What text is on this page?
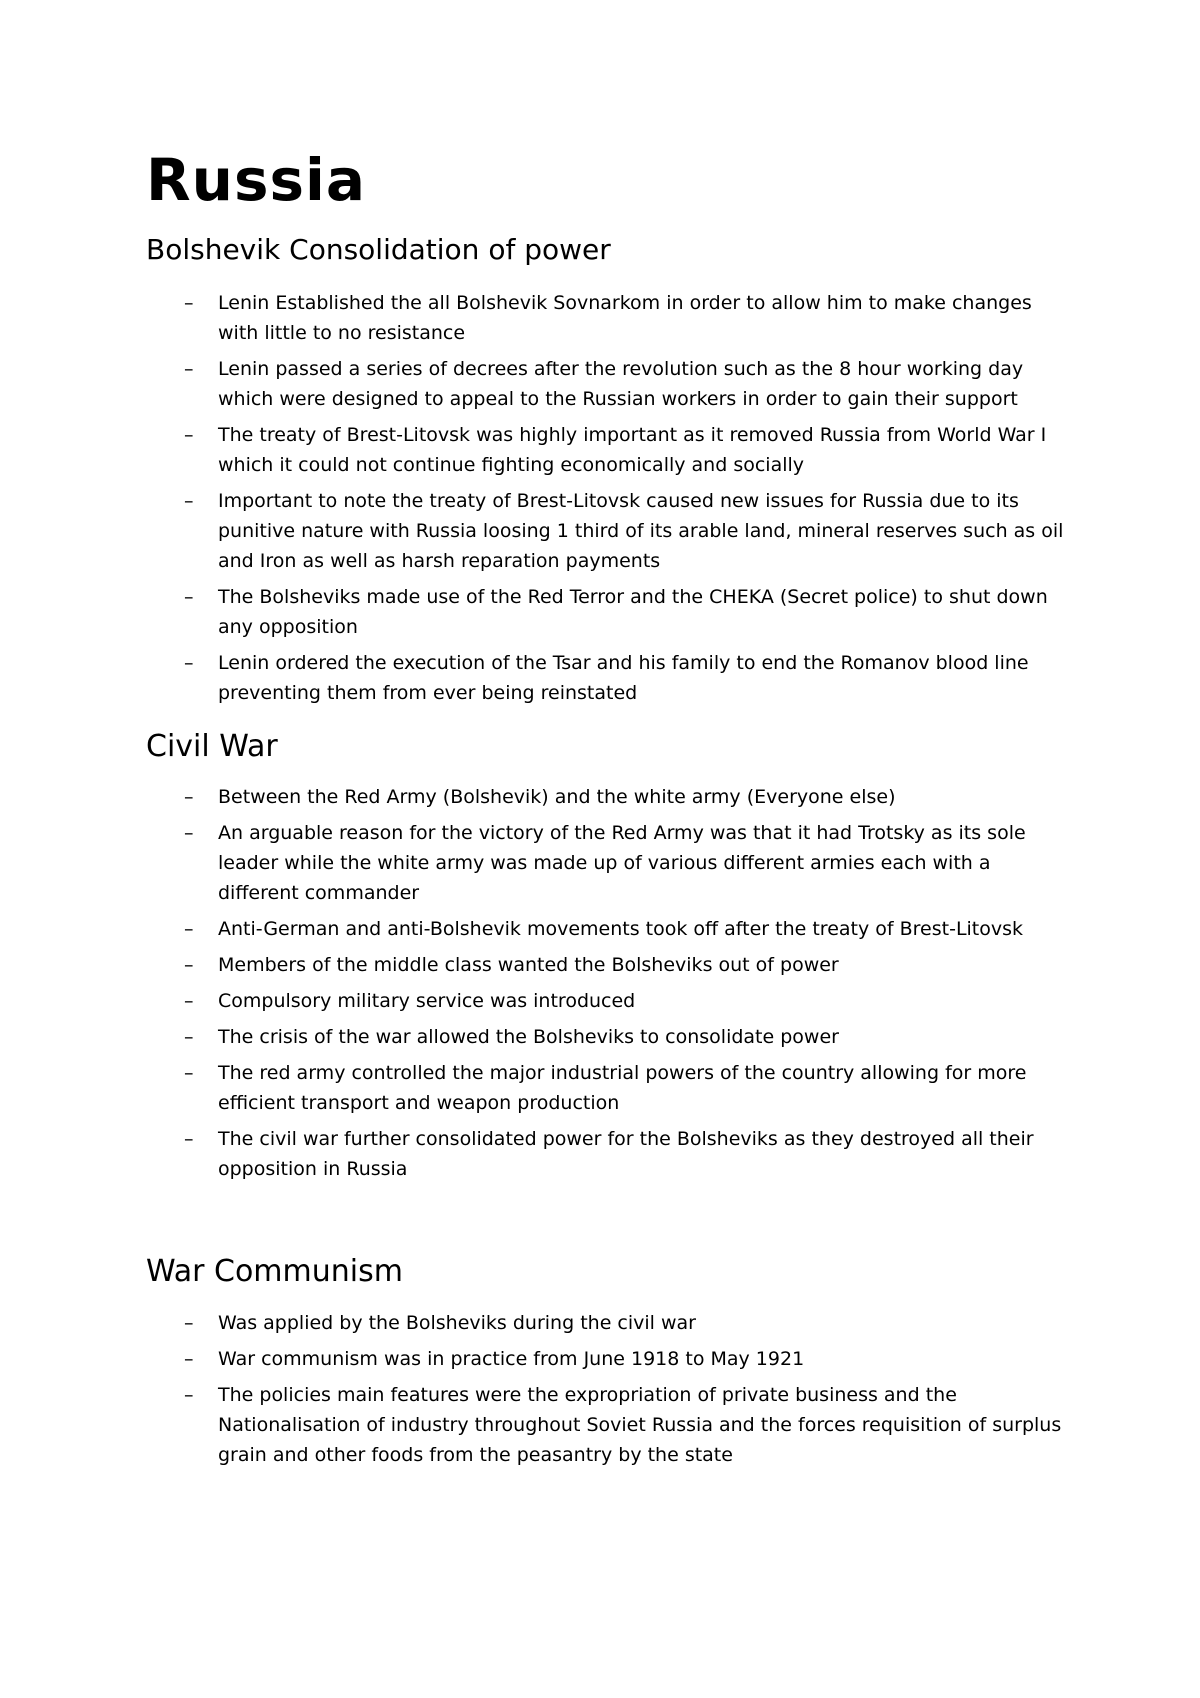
Russia
Bolshevik Consolidation of power
– Lenin Established the all Bolshevik Sovnarkom in order to allow him to make changes with little to no resistance
– Lenin passed a series of decrees after the revolution such as the 8 hour working day which were designed to appeal to the Russian workers in order to gain their support
– The treaty of Brest-Litovsk was highly important as it removed Russia from World War I which it could not continue fighting economically and socially
– Important to note the treaty of Brest-Litovsk caused new issues for Russia due to its punitive nature with Russia loosing 1 third of its arable land, mineral reserves such as oil and Iron as well as harsh reparation payments
– The Bolsheviks made use of the Red Terror and the CHEKA (Secret police) to shut down any opposition
– Lenin ordered the execution of the Tsar and his family to end the Romanov blood line preventing them from ever being reinstated
Civil War
– Between the Red Army (Bolshevik) and the white army (Everyone else)
– An arguable reason for the victory of the Red Army was that it had Trotsky as its sole leader while the white army was made up of various different armies each with a different commander
– Anti-German and anti-Bolshevik movements took off after the treaty of Brest-Litovsk
– Members of the middle class wanted the Bolsheviks out of power
– Compulsory military service was introduced
– The crisis of the war allowed the Bolsheviks to consolidate power
– The red army controlled the major industrial powers of the country allowing for more efficient transport and weapon production
– The civil war further consolidated power for the Bolsheviks as they destroyed all their opposition in Russia
War Communism
– Was applied by the Bolsheviks during the civil war
– War communism was in practice from June 1918 to May 1921
– The policies main features were the expropriation of private business and the Nationalisation of industry throughout Soviet Russia and the forces requisition of surplus grain and other foods from the peasantry by the state
